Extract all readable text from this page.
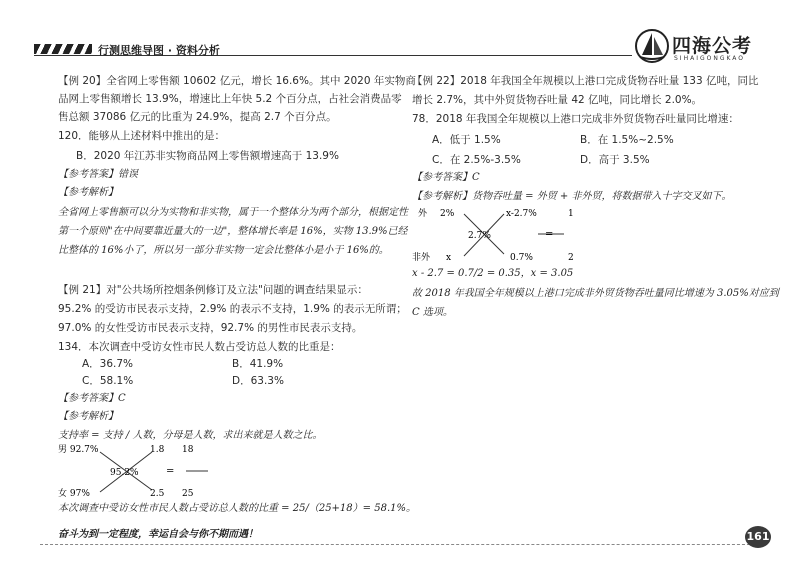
行测思维导图 · 资料分析	四海公考
SIHAIGONGKAO
【例 20】全省网上零售额 10602 亿元，增长 16.6%。其中 2020 年实物商
品网上零售额增长 13.9%，增速比上年快 5.2 个百分点，占社会消费品零
售总额 37086 亿元的比重为 24.9%，提高 2.7 个百分点。
120．能够从上述材料中推出的是：
B．2020 年江苏非实物商品网上零售额增速高于 13.9%
【参考答案】错误
【参考解析】
全省网上零售额可以分为实物和非实物，属于一个整体分为两个部分，根据定性
第一个原则"在中间要靠近量大的一边"，整体增长率是 16%，实物 13.9%已经
比整体的 16%小了，所以另一部分非实物一定会比整体小是小于 16%的。
【例 21】对"公共场所控烟条例修订及立法"问题的调查结果显示：
95.2% 的受访市民表示支持，2.9% 的表示不支持，1.9% 的表示无所谓；
97.0% 的女性受访市民表示支持，92.7% 的男性市民表示支持。
134．本次调查中受访女性市民人数占受访总人数的比重是：
A．36.7%	B．41.9%
C．58.1%	D．63.3%
【参考答案】C
【参考解析】
支持率 = 支持 / 人数，分母是人数，求出来就是人数之比。
男 92.7%
95.2%
女 97%
1.8 18
2.5 25
=
本次调查中受访女性市民人数占受访总人数的比重 = 25/（25+18）= 58.1%。
奋斗为到一定程度，幸运自会与你不期而遇！
【例 22】2018 年我国全年规模以上港口完成货物吞吐量 133 亿吨，同比
增长 2.7%，其中外贸货物吞吐量 42 亿吨，同比增长 2.0%。
78．2018 年我国全年规模以上港口完成非外贸货物吞吐量同比增速：
A．低于 1.5%	B．在 1.5%~2.5%
C．在 2.5%-3.5%	D．高于 3.5%
【参考答案】C
【参考解析】货物吞吐量 = 外贸 + 非外贸，将数据带入十字交叉如下。
外 2%
2.7%
x-2.7%	1
非外 x	0.7%	2
=
x - 2.7 = 0.7/2 = 0.35，x = 3.05
故 2018 年我国全年规模以上港口完成非外贸货物吞吐量同比增速为 3.05%对应到
C 选项。
161
